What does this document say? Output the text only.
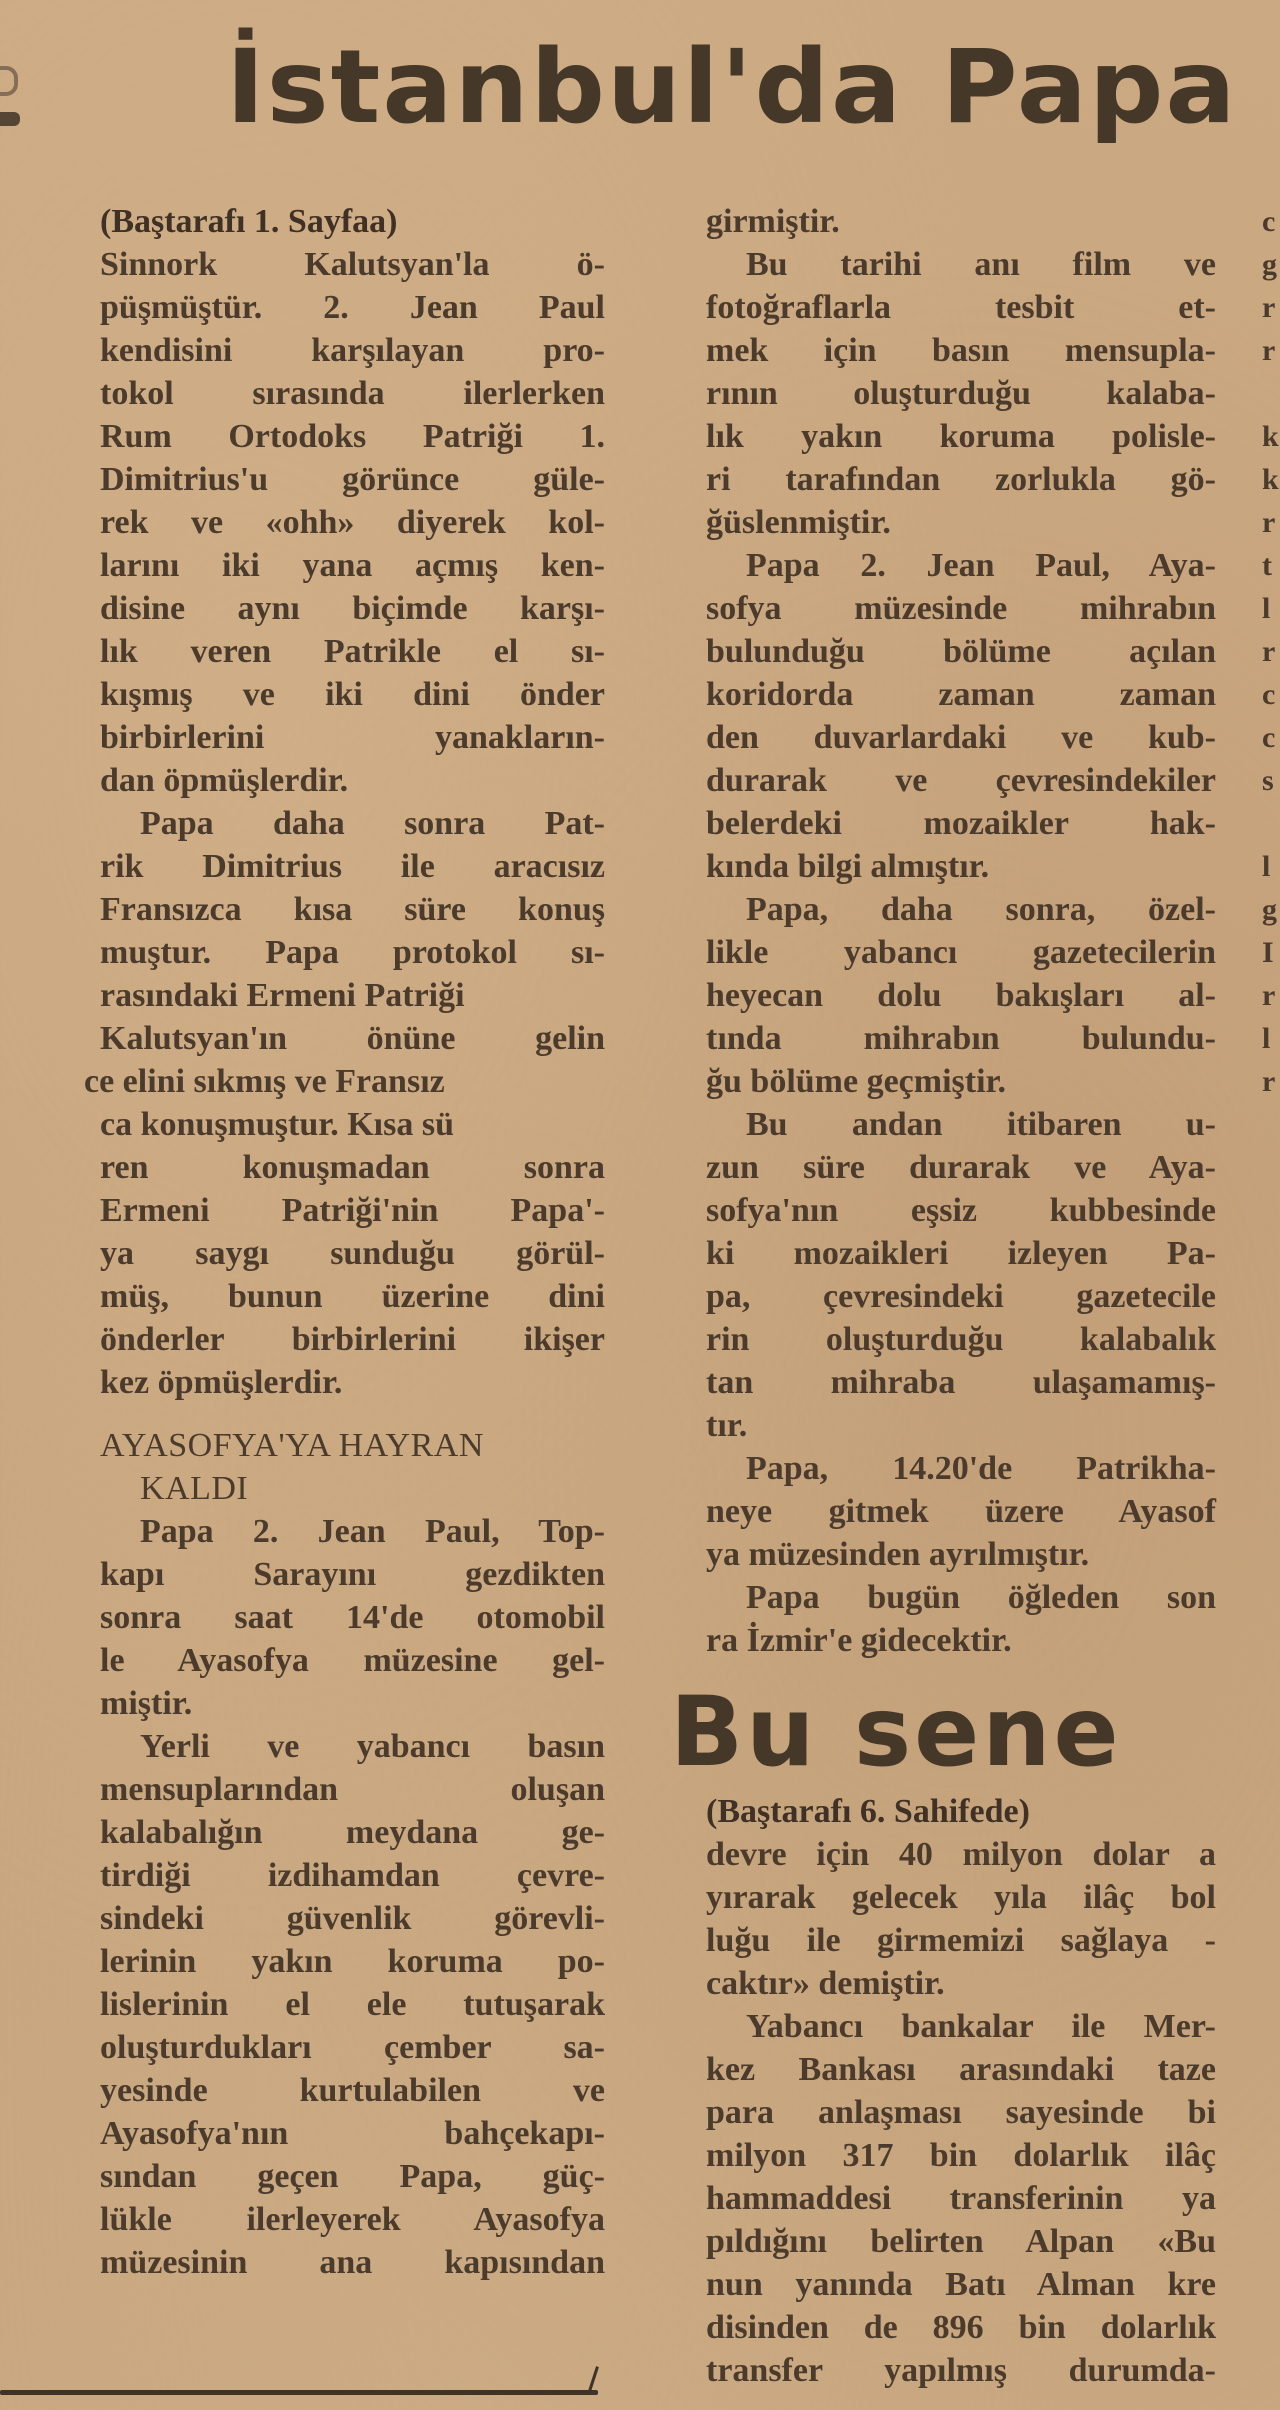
İstanbul'da Papa
(Baştarafı 1. Sayfaa)
Sinnork Kalutsyan'la ö-
püşmüştür. 2. Jean Paul
kendisini karşılayan pro-
tokol sırasında ilerlerken
Rum Ortodoks Patriği 1.
Dimitrius'u görünce güle-
rek ve «ohh» diyerek kol-
larını iki yana açmış ken-
disine aynı biçimde karşı-
lık veren Patrikle el sı-
kışmış ve iki dini önder
birbirlerini yanakların-
dan öpmüşlerdir.
Papa daha sonra Pat-
rik Dimitrius ile aracısız
Fransızca kısa süre konuş
muştur. Papa protokol sı-
rasındaki Ermeni Patriği
Kalutsyan'ın önüne gelin
ce elini sıkmış ve Fransız
ca konuşmuştur. Kısa sü
ren konuşmadan sonra
Ermeni Patriği'nin Papa'-
ya saygı sunduğu görül-
müş, bunun üzerine dini
önderler birbirlerini ikişer
kez öpmüşlerdir.
AYASOFYA'YA HAYRAN
KALDI
Papa 2. Jean Paul, Top-
kapı Sarayını gezdikten
sonra saat 14'de otomobil
le Ayasofya müzesine gel-
miştir.
Yerli ve yabancı basın
mensuplarından oluşan
kalabalığın meydana ge-
tirdiği izdihamdan çevre-
sindeki güvenlik görevli-
lerinin yakın koruma po-
lislerinin el ele tutuşarak
oluşturdukları çember sa-
yesinde kurtulabilen ve
Ayasofya'nın bahçekapı-
sından geçen Papa, güç-
lükle ilerleyerek Ayasofya
müzesinin ana kapısından
girmiştir.
Bu tarihi anı film ve
fotoğraflarla tesbit et-
mek için basın mensupla-
rının oluşturduğu kalaba-
lık yakın koruma polisle-
ri tarafından zorlukla gö-
ğüslenmiştir.
Papa 2. Jean Paul, Aya-
sofya müzesinde mihrabın
bulunduğu bölüme açılan
koridorda zaman zaman
den duvarlardaki ve kub-
durarak ve çevresindekiler
belerdeki mozaikler hak-
kında bilgi almıştır.
Papa, daha sonra, özel-
likle yabancı gazetecilerin
heyecan dolu bakışları al-
tında mihrabın bulundu-
ğu bölüme geçmiştir.
Bu andan itibaren u-
zun süre durarak ve Aya-
sofya'nın eşsiz kubbesinde
ki mozaikleri izleyen Pa-
pa, çevresindeki gazetecile
rin oluşturduğu kalabalık
tan mihraba ulaşamamış-
tır.
Papa, 14.20'de Patrikha-
neye gitmek üzere Ayasof
ya müzesinden ayrılmıştır.
Papa bugün öğleden son
ra İzmir'e gidecektir.
Bu sene
(Baştarafı 6. Sahifede)
devre için 40 milyon dolar a
yırarak gelecek yıla ilâç bol
luğu ile girmemizi sağlaya -
caktır» demiştir.
Yabancı bankalar ile Mer-
kez Bankası arasındaki taze
para anlaşması sayesinde bi
milyon 317 bin dolarlık ilâç
hammaddesi transferinin ya
pıldığını belirten Alpan «Bu
nun yanında Batı Alman kre
disinden de 896 bin dolarlık
transfer yapılmış durumda-
c
g
r
r
k
k
r
t
l
r
c
c
s
l
g
I
r
l
r
